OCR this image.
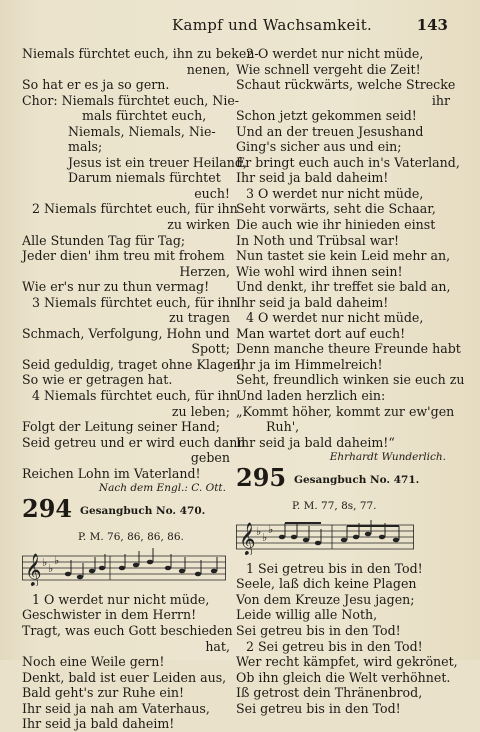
Kampf und Wachsamkeit.	143
Niemals fürchtet euch, ihn zu beken-
nenen,
So hat er es ja so gern.
Chor: Niemals fürchtet euch, Nie-
mals fürchtet euch,
Niemals, Niemals, Nie-
mals;
Jesus ist ein treuer Heiland,
Darum niemals fürchtet
euch!
2 Niemals fürchtet euch, für ihn
zu wirken
Alle Stunden Tag für Tag;
Jeder dien' ihm treu mit frohem
Herzen,
Wie er's nur zu thun vermag!
3 Niemals fürchtet euch, für ihn
zu tragen
Schmach, Verfolgung, Hohn und
Spott;
Seid geduldig, traget ohne Klagen,
So wie er getragen hat.
4 Niemals fürchtet euch, für ihn
zu leben;
Folgt der Leitung seiner Hand;
Seid getreu und er wird euch dann
geben
Reichen Lohn im Vaterland!
Nach dem Engl.: C. Ott.
294 Gesangbuch No. 470.
P. M. 76, 86, 86, 86.
𝄞 ♭ ♭
♭
1 O werdet nur nicht müde,
Geschwister in dem Herrn!
Tragt, was euch Gott beschieden
hat,
Noch eine Weile gern!
Denkt, bald ist euer Leiden aus,
Bald geht's zur Ruhe ein!
Ihr seid ja nah am Vaterhaus,
Ihr seid ja bald daheim!
2 O werdet nur nicht müde,
Wie schnell vergeht die Zeit!
Schaut rückwärts, welche Strecke
ihr
Schon jetzt gekommen seid!
Und an der treuen Jesushand
Ging's sicher aus und ein;
Er bringt euch auch in's Vaterland,
Ihr seid ja bald daheim!
3 O werdet nur nicht müde,
Seht vorwärts, seht die Schaar,
Die auch wie ihr hinieden einst
In Noth und Trübsal war!
Nun tastet sie kein Leid mehr an,
Wie wohl wird ihnen sein!
Und denkt, ihr treffet sie bald an,
Ihr seid ja bald daheim!
4 O werdet nur nicht müde,
Man wartet dort auf euch!
Denn manche theure Freunde habt
Ihr ja im Himmelreich!
Seht, freundlich winken sie euch zu
Und laden herzlich ein:
„Kommt höher, kommt zur ew'gen
Ruh',
Ihr seid ja bald daheim!“
Ehrhardt Wunderlich.
295 Gesangbuch No. 471.
P. M. 77, 8s, 77.
𝄞 ♭ ♭
♭
1 Sei getreu bis in den Tod!
Seele, laß dich keine Plagen
Von dem Kreuze Jesu jagen;
Leide willig alle Noth,
Sei getreu bis in den Tod!
2 Sei getreu bis in den Tod!
Wer recht kämpfet, wird gekrönet,
Ob ihn gleich die Welt verhöhnet.
Iß getrost dein Thränenbrod,
Sei getreu bis in den Tod!
